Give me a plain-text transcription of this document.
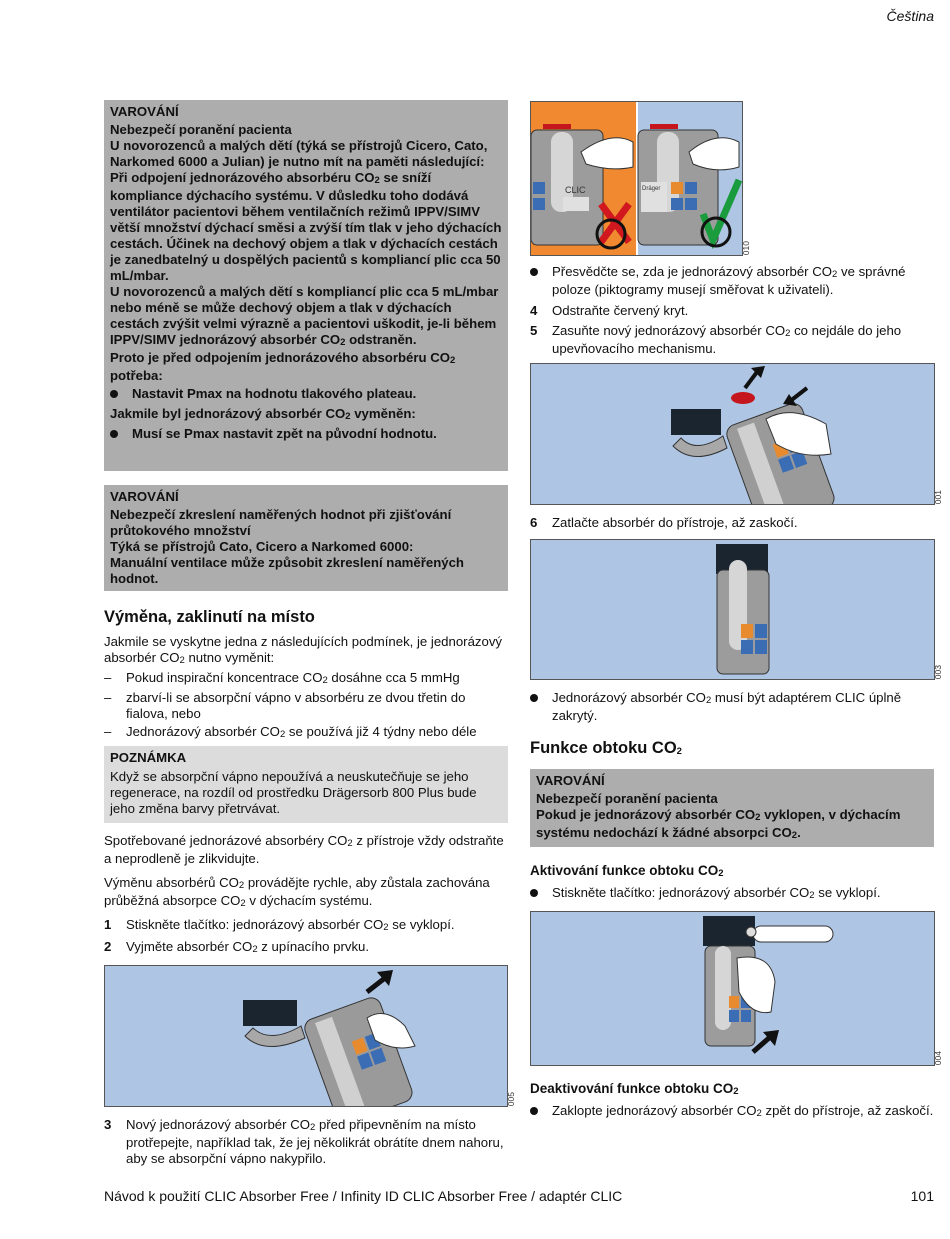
Čeština
VAROVÁNÍ

Nebezpečí poranění pacienta

U novorozenců a malých dětí (týká se přístrojů Cicero, Cato, Narkomed 6000 a Julian) je nutno mít na paměti následující:

Při odpojení jednorázového absorbéru $CO_2$ se sníží kompliance dýchacího systému. V důsledku toho dodává ventilátor pacientovi během ventilačních režimů IPPV/SIMV větší množství dýchací směsi a zvýší tím tlak v jeho dýchacích cestách. Účinek na dechový objem a tlak v dýchacích cestách je zanedbatelný u dospělých pacientů s kompliancí plic cca 50 mL/mbar.

U novorozenců a malých dětí s kompliancí plic cca 5 mL/mbar nebo méně se může dechový objem a tlak v dýchacích cestách zvýšit velmi výrazně a pacientovi uškodit, je-li během IPPV/SIMV jednorázový absorbér $CO_2$ odstraněn.

Proto je před odpojením jednorázového absorbéru $CO_2$ potřeba:

Nastavit Pmax na hodnotu tlakového plateau.

Jakmile byl jednorázový absorbér $CO_2$ vyměněn:

Musí se Pmax nastavit zpět na původní hodnotu.
VAROVÁNÍ

Nebezpečí zkreslení naměřených hodnot při zjišťování průtokového množství

Týká se přístrojů Cato, Cicero a Narkomed 6000:

Manuální ventilace může způsobit zkreslení naměřených hodnot.

Výměna, zaklinutí na místo

Jakmile se vyskytne jedna z následujících podmínek, je jednorázový absorbér $CO_2$ nutno vyměnit:

–	Pokud inspirační koncentrace $CO_2$ dosáhne cca 5 mmHg
–	zbarví-li se absorpční vápno v absorbéru ze dvou třetin do fialova, nebo
–	Jednorázový absorbér $CO_2$ se používá již 4 týdny nebo déle
POZNÁMKA

Když se absorpční vápno nepoužívá a neuskutečňuje se jeho regenerace, na rozdíl od prostředku Drägersorb 800 Plus bude jeho změna barvy přetrvávat.

Spotřebované jednorázové absorbéry $CO_2$ z přístroje vždy odstraňte a neprodleně je zlikvidujte.

Výměnu absorbérů $CO_2$ provádějte rychle, aby zůstala zachována průběžná absorpce $CO_2$ v dýchacím systému.

1	Stiskněte tlačítko: jednorázový absorbér $CO_2$ se vyklopí.
2	Vyjměte absorbér $CO_2$ z upínacího prvku.
005
3	Nový jednorázový absorbér $CO_2$ před připevněním na místo protřepejte, například tak, že jej několikrát obrátíte dnem nahoru, aby se absorpční vápno nakypřilo.
CLIC	Dräger
010
Přesvědčte se, zda je jednorázový absorbér $CO_2$ ve správné poloze (piktogramy musejí směřovat k uživateli).
4	Odstraňte červený kryt.
5	Zasuňte nový jednorázový absorbér $CO_2$ co nejdále do jeho upevňovacího mechanismu.
001
6	Zatlačte absorbér do přístroje, až zaskočí.
003
Jednorázový absorbér $CO_2$ musí být adaptérem CLIC úplně zakrytý.
Funkce obtoku $CO_2$
VAROVÁNÍ

Nebezpečí poranění pacienta

Pokud je jednorázový absorbér $CO_2$ vyklopen, v dýchacím systému nedochází k žádné absorpci $CO_2$.

Aktivování funkce obtoku $CO_2$
Stiskněte tlačítko: jednorázový absorbér $CO_2$ se vyklopí.
004
Deaktivování funkce obtoku $CO_2$
Zaklopte jednorázový absorbér $CO_2$ zpět do přístroje, až zaskočí.
Návod k použití CLIC Absorber Free / Infinity ID CLIC Absorber Free / adaptér CLIC	101
